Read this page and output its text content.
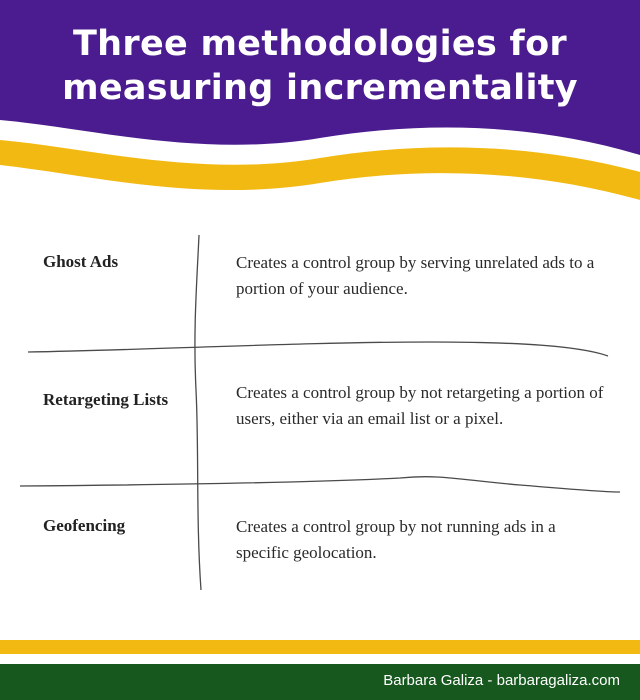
Three methodologies for
measuring incrementality
Ghost Ads	Creates a control group by serving unrelated ads to a portion of your audience.
Retargeting Lists	Creates a control group by not retargeting a portion of users, either via an email list or a pixel.
Geofencing	Creates a control group by not running ads in a specific geolocation.
Barbara Galiza - barbaragaliza.com
